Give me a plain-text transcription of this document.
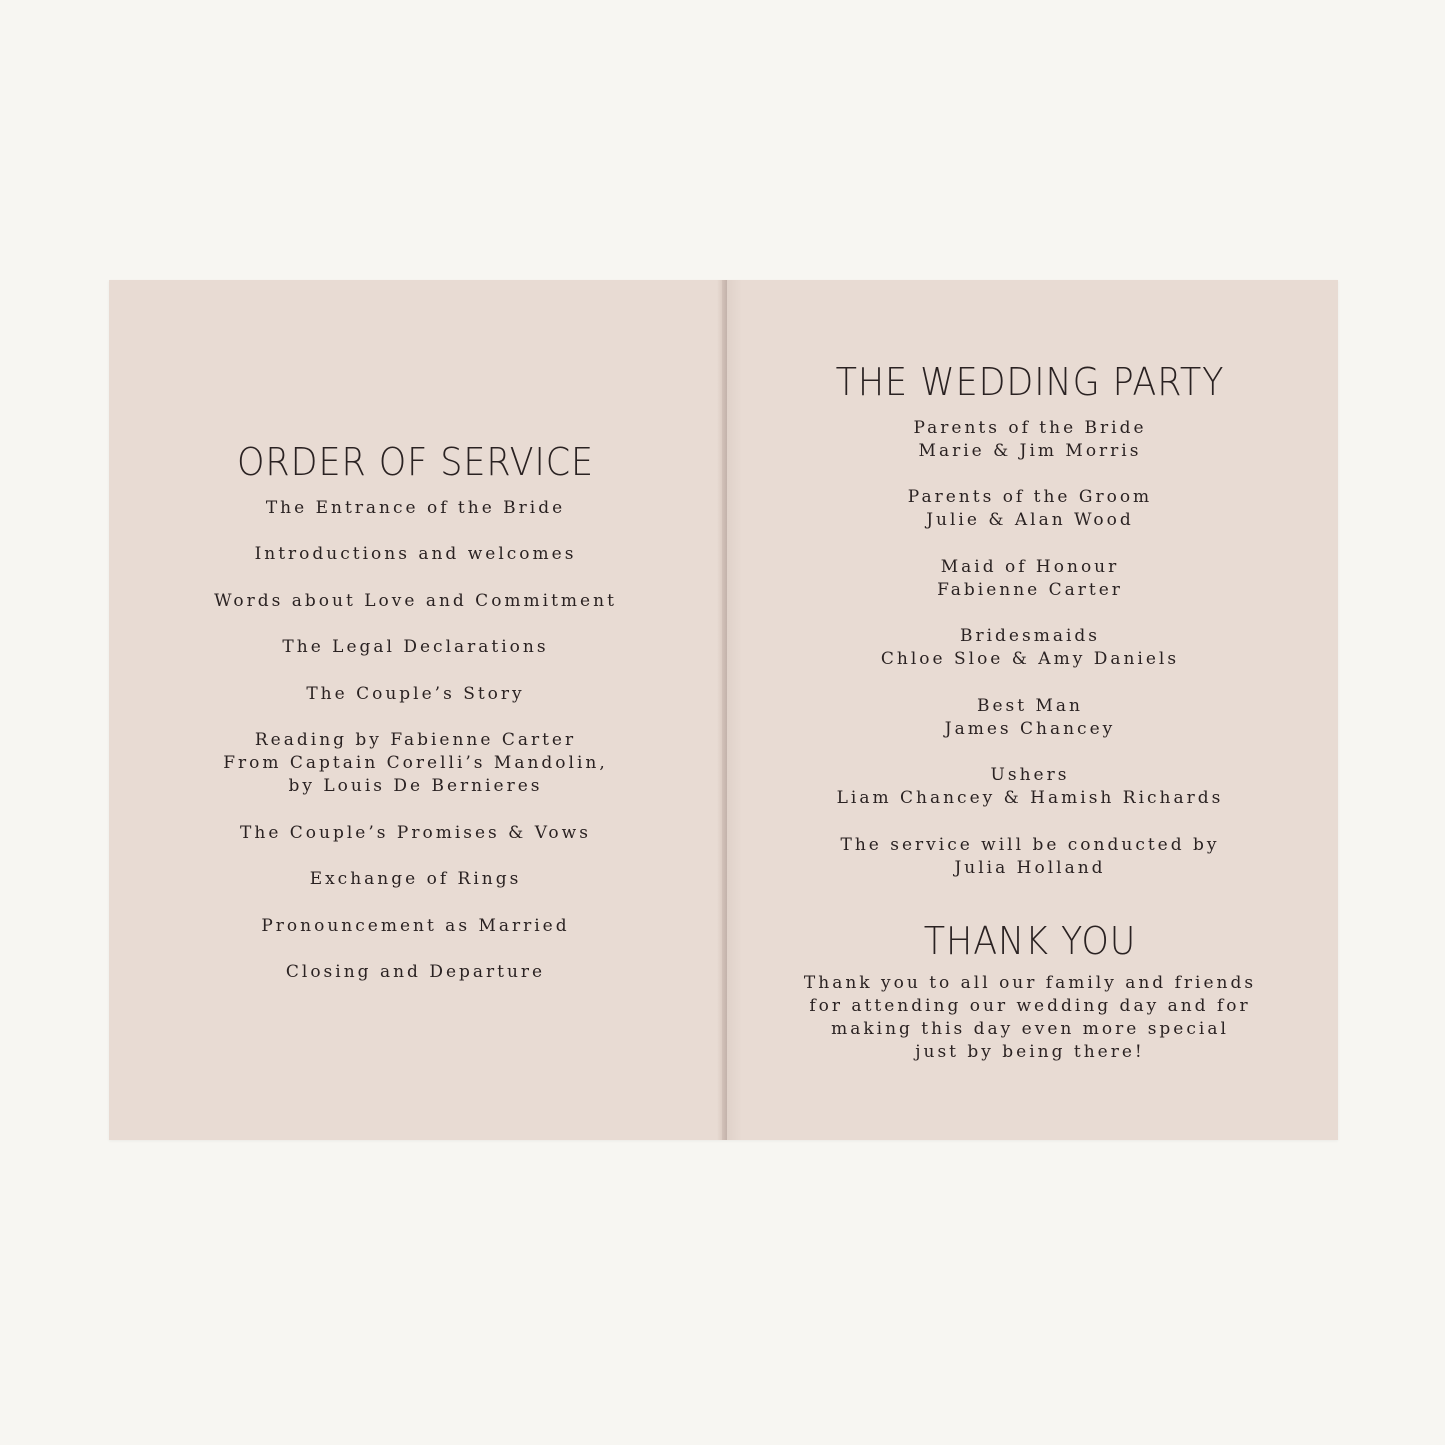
ORDER OF SERVICE

The Entrance of the Bride

Introductions and welcomes

Words about Love and Commitment

The Legal Declarations

The Couple’s Story

Reading by Fabienne Carter

From Captain Corelli’s Mandolin,

by Louis De Bernieres

The Couple’s Promises & Vows

Exchange of Rings

Pronouncement as Married

Closing and Departure

THE WEDDING PARTY

Parents of the Bride

Marie & Jim Morris

Parents of the Groom

Julie & Alan Wood

Maid of Honour

Fabienne Carter

Bridesmaids

Chloe Sloe & Amy Daniels

Best Man

James Chancey

Ushers

Liam Chancey & Hamish Richards

The service will be conducted by

Julia Holland

THANK YOU

Thank you to all our family and friends

for attending our wedding day and for

making this day even more special

just by being there!
